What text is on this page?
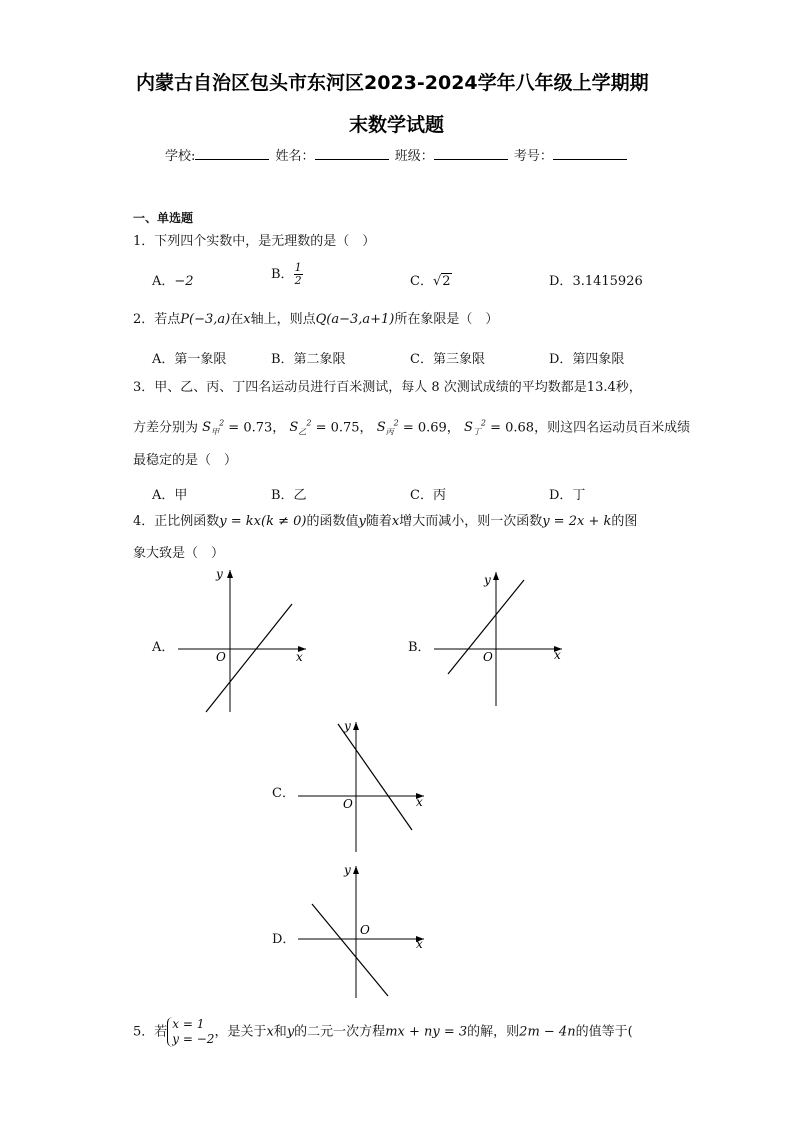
内蒙古自治区包头市东河区2023-2024学年八年级上学期期
末数学试题
学校:	姓名：	班级：	考号：
一、单选题
1．下列四个实数中，是无理数的是（　）
A．−2	B． $\frac{1}{2}$	C．√2	D．3.1415926
2．若点P(−3,a)在x轴上，则点Q(a−3,a+1)所在象限是（　）
A．第一象限	B．第二象限	C．第三象限	D．第四象限
3．甲、乙、丙、丁四名运动员进行百米测试，每人 8 次测试成绩的平均数都是13.4秒，
方差分别为 $S_甲^2 = 0.73$， $S_乙^2 = 0.75$， $S_丙^2 = 0.69$， $S_丁^2 = 0.68$，则这四名运动员百米成绩
最稳定的是（　）
A．甲	B．乙	C．丙	D．丁
4．正比例函数y = kx(k ≠ 0)的函数值y随着x增大而减小，则一次函数y = 2x + k的图
象大致是（　）
A．
x
y
O
B．	x
y
O
C．
x
y
O
D．	x
y
O
5．若
x = 1
y = −2 ，是关于x和y的二元一次方程mx + ny = 3的解，则2m − 4n的值等于(
